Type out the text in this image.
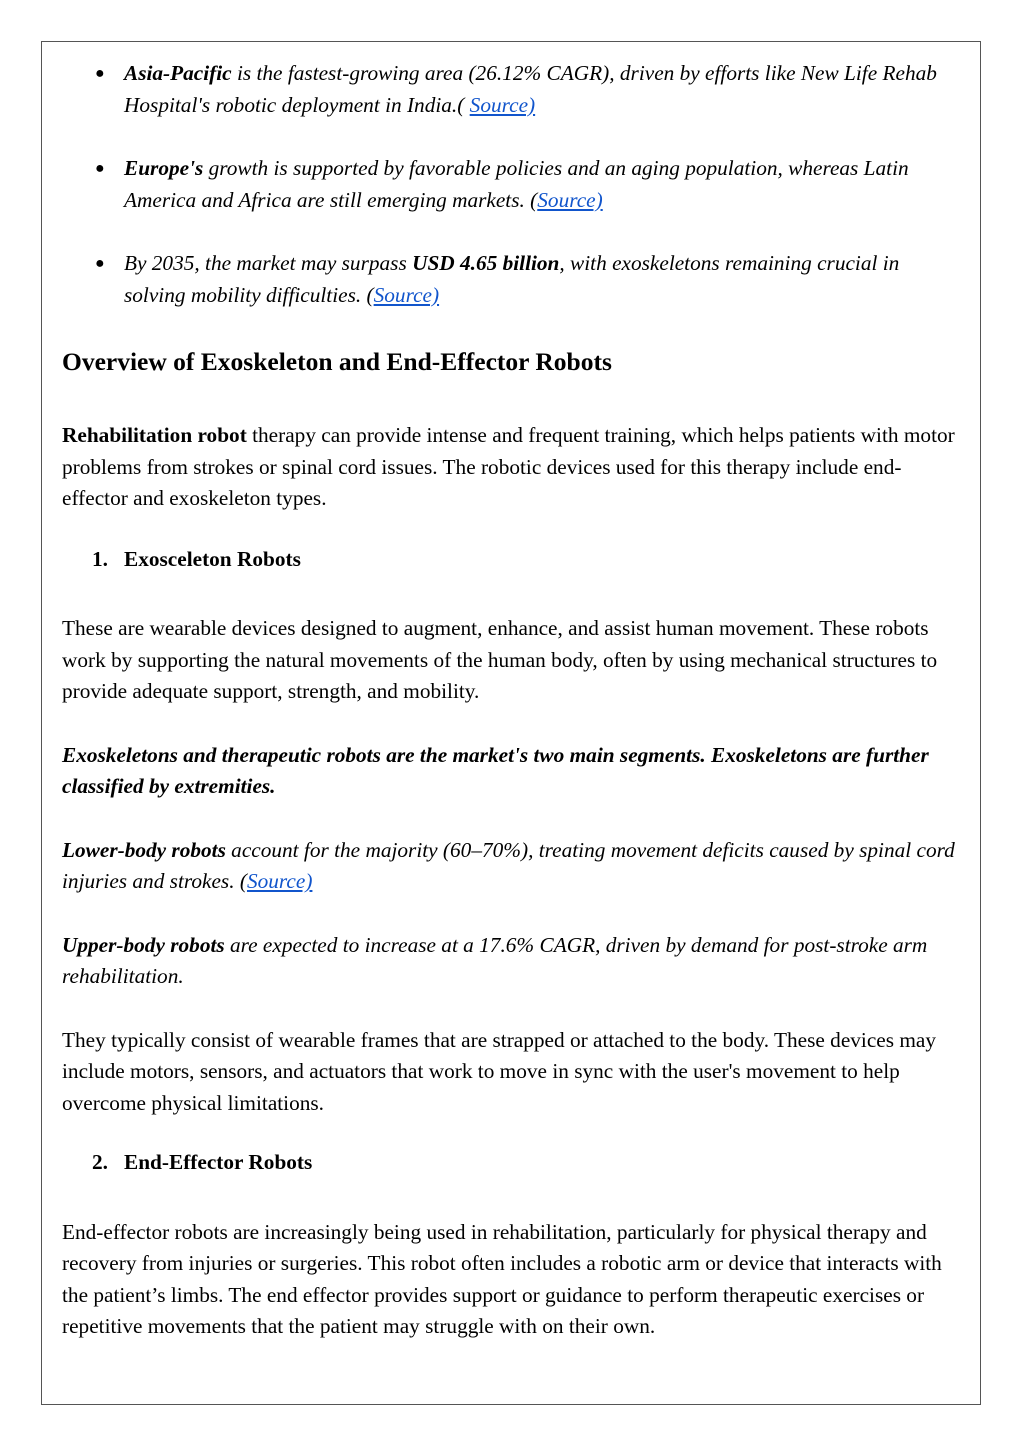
● Asia-Pacific is the fastest-growing area (26.12% CAGR), driven by efforts like New Life Rehab Hospital's robotic deployment in India.( Source)
● Europe's growth is supported by favorable policies and an aging population, whereas Latin America and Africa are still emerging markets. (Source)
● By 2035, the market may surpass USD 4.65 billion, with exoskeletons remaining crucial in solving mobility difficulties. (Source)
Overview of Exoskeleton and End-Effector Robots

Rehabilitation robot therapy can provide intense and frequent training, which helps patients with motor problems from strokes or spinal cord issues. The robotic devices used for this therapy include end-effector and exoskeleton types.

1. Exosceleton Robots

These are wearable devices designed to augment, enhance, and assist human movement. These robots work by supporting the natural movements of the human body, often by using mechanical structures to provide adequate support, strength, and mobility.

Exoskeletons and therapeutic robots are the market's two main segments. Exoskeletons are further classified by extremities.

Lower-body robots account for the majority (60–70%), treating movement deficits caused by spinal cord injuries and strokes. (Source)

Upper-body robots are expected to increase at a 17.6% CAGR, driven by demand for post-stroke arm rehabilitation.

They typically consist of wearable frames that are strapped or attached to the body. These devices may include motors, sensors, and actuators that work to move in sync with the user's movement to help overcome physical limitations.

2. End-Effector Robots

End-effector robots are increasingly being used in rehabilitation, particularly for physical therapy and recovery from injuries or surgeries. This robot often includes a robotic arm or device that interacts with the patient’s limbs. The end effector provides support or guidance to perform therapeutic exercises or repetitive movements that the patient may struggle with on their own.
